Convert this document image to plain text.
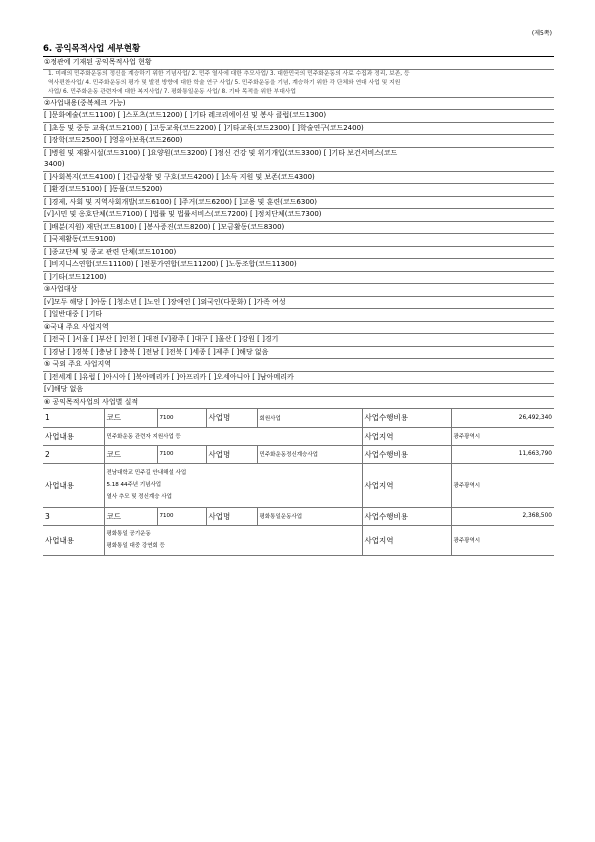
(제5쪽)
6. 공익목적사업 세부현황
①정관에 기재된 공익목적사업 현황
1. 미래의 민주화운동의 정신을 계승하기 위한 기념사업/ 2. 민주 열사에 대한 추모사업/ 3. 대한민국의 민주화운동의 사료 수집과 정리, 보존, 등
역사편찬사업/ 4. 민주화운동의 평가 및 발전 방향에 대한 학술 연구 사업/ 5. 민주화운동을 기념, 계승하기 위한 각 단체와 연대 사업 및 지원
사업/ 6. 민주화운동 관련자에 대한 복지사업/ 7. 평화통일운동 사업/ 8. 기타 목적을 위한 부대사업
②사업내용(중복체크 가능)
[ ]문화예술(코드1100) [ ]스포츠(코드1200) [ ]기타 레크리에이션 및 봉사 클럽(코드1300)
[ ]초등 및 중등 교육(코드2100) [ ]고등교육(코드2200) [ ]기타교육(코드2300) [ ]학술연구(코드2400)
[ ]장학(코드2500) [ ]영유아보육(코드2600)
[ ]병원 및 재활시설(코드3100) [ ]요양원(코드3200) [ ]정신 건강 및 위기개입(코드3300) [ ]기타 보건서비스(코드
3400)
[ ]사회복지(코드4100) [ ]긴급상황 및 구호(코드4200) [ ]소득 지원 및 보존(코드4300)
[ ]환경(코드5100) [ ]동물(코드5200)
[ ]경제, 사회 및 지역사회개발(코드6100) [ ]주거(코드6200) [ ]고용 및 훈련(코드6300)
[√]시민 및 옹호단체(코드7100) [ ]법률 및 법률서비스(코드7200) [ ]정치단체(코드7300)
[ ]배분(지원) 재단(코드8100) [ ]봉사증진(코드8200) [ ]모금활동(코드8300)
[ ]국제활동(코드9100)
[ ]종교단체 및 종교 관련 단체(코드10100)
[ ]비지니스연합(코드11100) [ ]전문가연합(코드11200) [ ]노동조합(코드11300)
[ ]기타(코드12100)
③사업대상
[√]모두 해당 [ ]아동 [ ]청소년 [ ]노인 [ ]장애인 [ ]외국인(다문화) [ ]가족 여성
[ ]일반대중 [ ]기타
④국내 주요 사업지역
[ ]전국 [ ]서울 [ ]부산 [ ]인천 [ ]대전 [√]광주 [ ]대구 [ ]울산 [ ]강원 [ ]경기
[ ]경남 [ ]경북 [ ]충남 [ ]충북 [ ]전남 [ ]전북 [ ]세종 [ ]제주 [ ]해당 없음
⑤ 국외 주요 사업지역
[ ]전세계 [ ]유럽 [ ]아시아 [ ]북아메리카 [ ]아프리카 [ ]오세아니아 [ ]남아메리카
[√]해당 없음
⑥ 공익목적사업의 사업별 실적
1	코드	7100	사업명	회원사업	사업수행비용	26,492,340
사업내용	민주화운동 관련자 지원사업 등				사업지역	광주광역시
2	코드	7100	사업명	민주화운동정신계승사업	사업수행비용	11,663,790
사업내용	전남대학교 민주길 안내해설 사업
5.18 44주년 기념사업
열사 추모 및 정신계승 사업				사업지역	광주광역시
3	코드	7100	사업명	평화통일운동사업	사업수행비용	2,368,500
사업내용	평화통일 공기운동
평화통일 대중 강연회 등				사업지역	광주광역시
